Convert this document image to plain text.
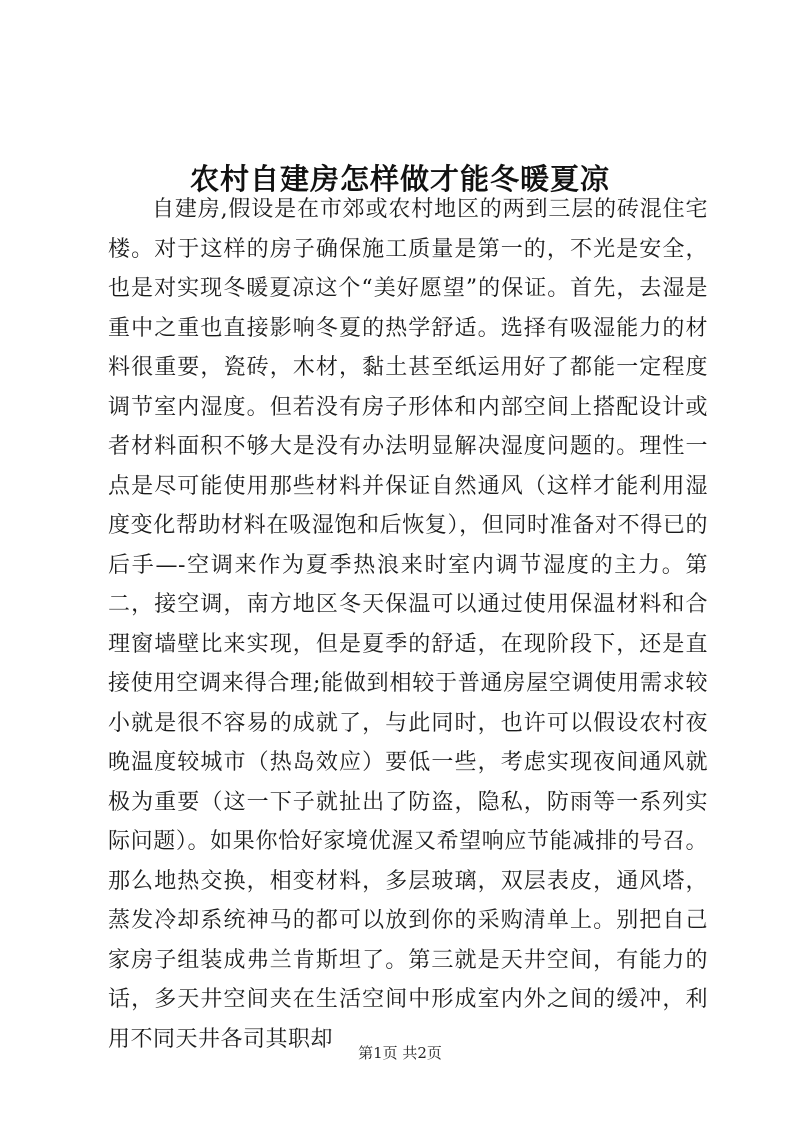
农村自建房怎样做才能冬暖夏凉

自建房,假设是在市郊或农村地区的两到三层的砖混住宅楼。对于这样的房子确保施工质量是第一的，不光是安全，也是对实现冬暖夏凉这个“美好愿望”的保证。首先，去湿是重中之重也直接影响冬夏的热学舒适。选择有吸湿能力的材料很重要，瓷砖，木材，黏土甚至纸运用好了都能一定程度调节室内湿度。但若没有房子形体和内部空间上搭配设计或者材料面积不够大是没有办法明显解决湿度问题的。理性一点是尽可能使用那些材料并保证自然通风（这样才能利用湿度变化帮助材料在吸湿饱和后恢复），但同时准备对不得已的后手—-空调来作为夏季热浪来时室内调节湿度的主力。第二，接空调，南方地区冬天保温可以通过使用保温材料和合理窗墙壁比来实现，但是夏季的舒适，在现阶段下，还是直接使用空调来得合理;能做到相较于普通房屋空调使用需求较小就是很不容易的成就了，与此同时，也许可以假设农村夜晚温度较城市（热岛效应）要低一些，考虑实现夜间通风就极为重要（这一下子就扯出了防盗，隐私，防雨等一系列实际问题）。如果你恰好家境优渥又希望响应节能减排的号召。那么地热交换，相变材料，多层玻璃，双层表皮，通风塔，蒸发冷却系统神马的都可以放到你的采购清单上。别把自己家房子组装成弗兰肯斯坦了。第三就是天井空间，有能力的话，多天井空间夹在生活空间中形成室内外之间的缓冲，利用不同天井各司其职却

第1页 共2页
